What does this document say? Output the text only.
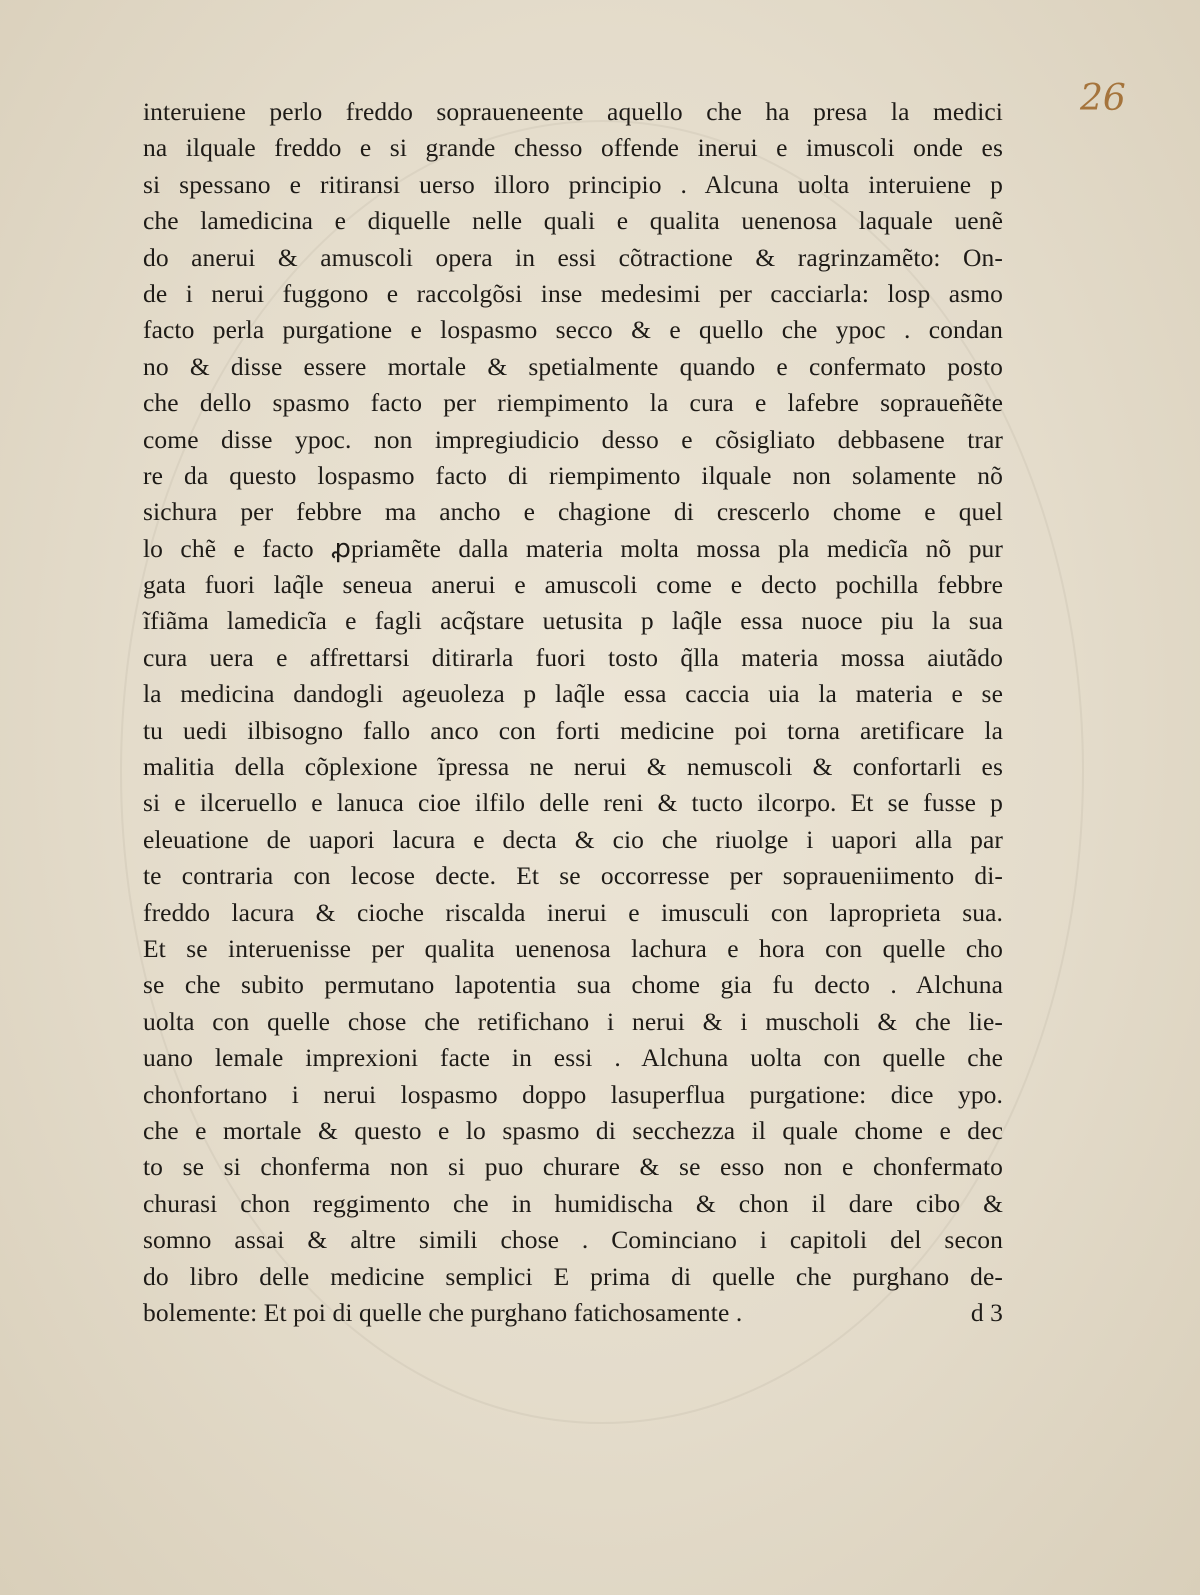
26
interuiene perlo freddo sopraueneente aquello che ha presa la medici
na ilquale freddo e si grande chesso offende inerui e imuscoli onde es
si spessano e ritiransi uerso illoro principio . Alcuna uolta interuiene p
che lamedicina e diquelle nelle quali e qualita uenenosa laquale uenẽ
do anerui & amuscoli opera in essi cõtractione & ragrinzamẽto: On-
de i nerui fuggono e raccolgõsi inse medesimi per cacciarla: losp asmo
facto perla purgatione e lospasmo secco & e quello che ypoc . condan
no & disse essere mortale & spetialmente quando e confermato posto
che dello spasmo facto per riempimento la cura e lafebre sopraueñẽte
come disse ypoc. non impregiudicio desso e cõsigliato debbasene trar
re da questo lospasmo facto di riempimento ilquale non solamente nõ
sichura per febbre ma ancho e chagione di crescerlo chome e quel
lo chẽ e facto ꝓpriamẽte dalla materia molta mossa pla medicĩa nõ pur
gata fuori laq̃le seneua anerui e amuscoli come e decto pochilla febbre
ĩfiãma lamedicĩa e fagli acq̃stare uetusita p laq̃le essa nuoce piu la sua
cura uera e affrettarsi ditirarla fuori tosto q̃lla materia mossa aiutãdo
la medicina dandogli ageuoleza p laq̃le essa caccia uia la materia e se
tu uedi ilbisogno fallo anco con forti medicine poi torna aretificare la
malitia della cõplexione ĩpressa ne nerui & nemuscoli & confortarli es
si e ilceruello e lanuca cioe ilfilo delle reni & tucto ilcorpo. Et se fusse p
eleuatione de uapori lacura e decta & cio che riuolge i uapori alla par
te contraria con lecose decte. Et se occorresse per sopraueniimento di-
freddo lacura & cioche riscalda inerui e imusculi con laproprieta sua.
Et se interuenisse per qualita uenenosa lachura e hora con quelle cho
se che subito permutano lapotentia sua chome gia fu decto . Alchuna
uolta con quelle chose che retifichano i nerui & i muscholi & che lie-
uano lemale imprexioni facte in essi . Alchuna uolta con quelle che
chonfortano i nerui lospasmo doppo lasuperflua purgatione: dice ypo.
che e mortale & questo e lo spasmo di secchezza il quale chome e dec
to se si chonferma non si puo churare & se esso non e chonfermato
churasi chon reggimento che in humidischa & chon il dare cibo &
somno assai & altre simili chose . Cominciano i capitoli del secon
do libro delle medicine semplici E prima di quelle che purghano de-
bolemente: Et poi di quelle che purghano fatichosamente .	d 3
